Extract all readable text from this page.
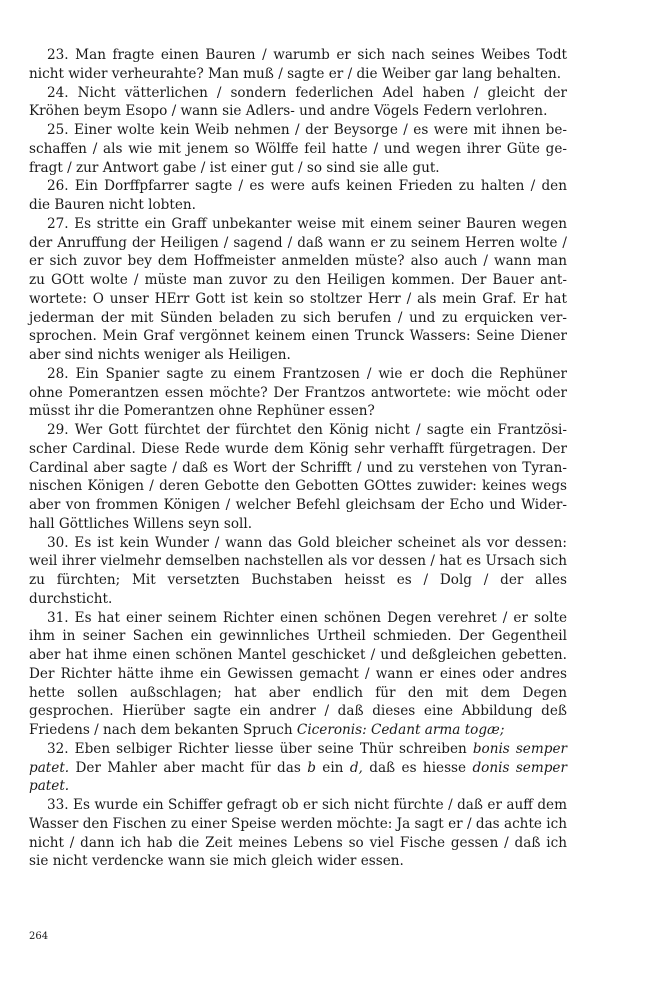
23. Man fragte einen Bauren / warumb er sich nach seines Weibes Todt nicht wider verheurahte? Man muß / sagte er / die Weiber gar lang behalten.

24. Nicht vätterlichen / sondern federlichen Adel haben / gleicht der Kröhen beym Esopo / wann sie Adlers- und andre Vögels Federn verlohren.

25. Einer wolte kein Weib nehmen / der Beysorge / es were mit ihnen beschaffen / als wie mit jenem so Wölffe feil hatte / und wegen ihrer Güte gefragt / zur Antwort gabe / ist einer gut / so sind sie alle gut.

26. Ein Dorffpfarrer sagte / es were aufs keinen Frieden zu halten / den die Bauren nicht lobten.

27. Es stritte ein Graff unbekanter weise mit einem seiner Bauren wegen der Anruffung der Heiligen / sagend / daß wann er zu seinem Herren wolte / er sich zuvor bey dem Hoffmeister anmelden müste? also auch / wann man zu GOtt wolte / müste man zuvor zu den Heiligen kommen. Der Bauer antwortete: O unser HErr Gott ist kein so stoltzer Herr / als mein Graf. Er hat jederman der mit Sünden beladen zu sich berufen / und zu erquicken versprochen. Mein Graf vergönnet keinem einen Trunck Wassers: Seine Diener aber sind nichts weniger als Heiligen.

28. Ein Spanier sagte zu einem Frantzosen / wie er doch die Rephüner ohne Pomerantzen essen möchte? Der Frantzos antwortete: wie möcht oder müsst ihr die Pomerantzen ohne Rephüner essen?

29. Wer Gott fürchtet der fürchtet den König nicht / sagte ein Frantzösischer Cardinal. Diese Rede wurde dem König sehr verhafft fürgetragen. Der Cardinal aber sagte / daß es Wort der Schrifft / und zu verstehen von Tyrannischen Königen / deren Gebotte den Gebotten GOttes zuwider: keines wegs aber von frommen Königen / welcher Befehl gleichsam der Echo und Widerhall Göttliches Willens seyn soll.

30. Es ist kein Wunder / wann das Gold bleicher scheinet als vor dessen: weil ihrer vielmehr demselben nachstellen als vor dessen / hat es Ursach sich zu fürchten; Mit versetzten Buchstaben heisst es / Dolg / der alles durchsticht.

31. Es hat einer seinem Richter einen schönen Degen verehret / er solte ihm in seiner Sachen ein gewinnliches Urtheil schmieden. Der Gegentheil aber hat ihme einen schönen Mantel geschicket / und deßgleichen gebetten. Der Richter hätte ihme ein Gewissen gemacht / wann er eines oder andres hette sollen außschlagen; hat aber endlich für den mit dem Degen gesprochen. Hierüber sagte ein andrer / daß dieses eine Abbildung deß Friedens / nach dem bekanten Spruch Ciceronis: Cedant arma togæ;

32. Eben selbiger Richter liesse über seine Thür schreiben bonis semper patet. Der Mahler aber macht für das b ein d, daß es hiesse donis semper patet.

33. Es wurde ein Schiffer gefragt ob er sich nicht fürchte / daß er auff dem Wasser den Fischen zu einer Speise werden möchte: Ja sagt er / das achte ich nicht / dann ich hab die Zeit meines Lebens so viel Fische gessen / daß ich sie nicht verdencke wann sie mich gleich wider essen.

264
